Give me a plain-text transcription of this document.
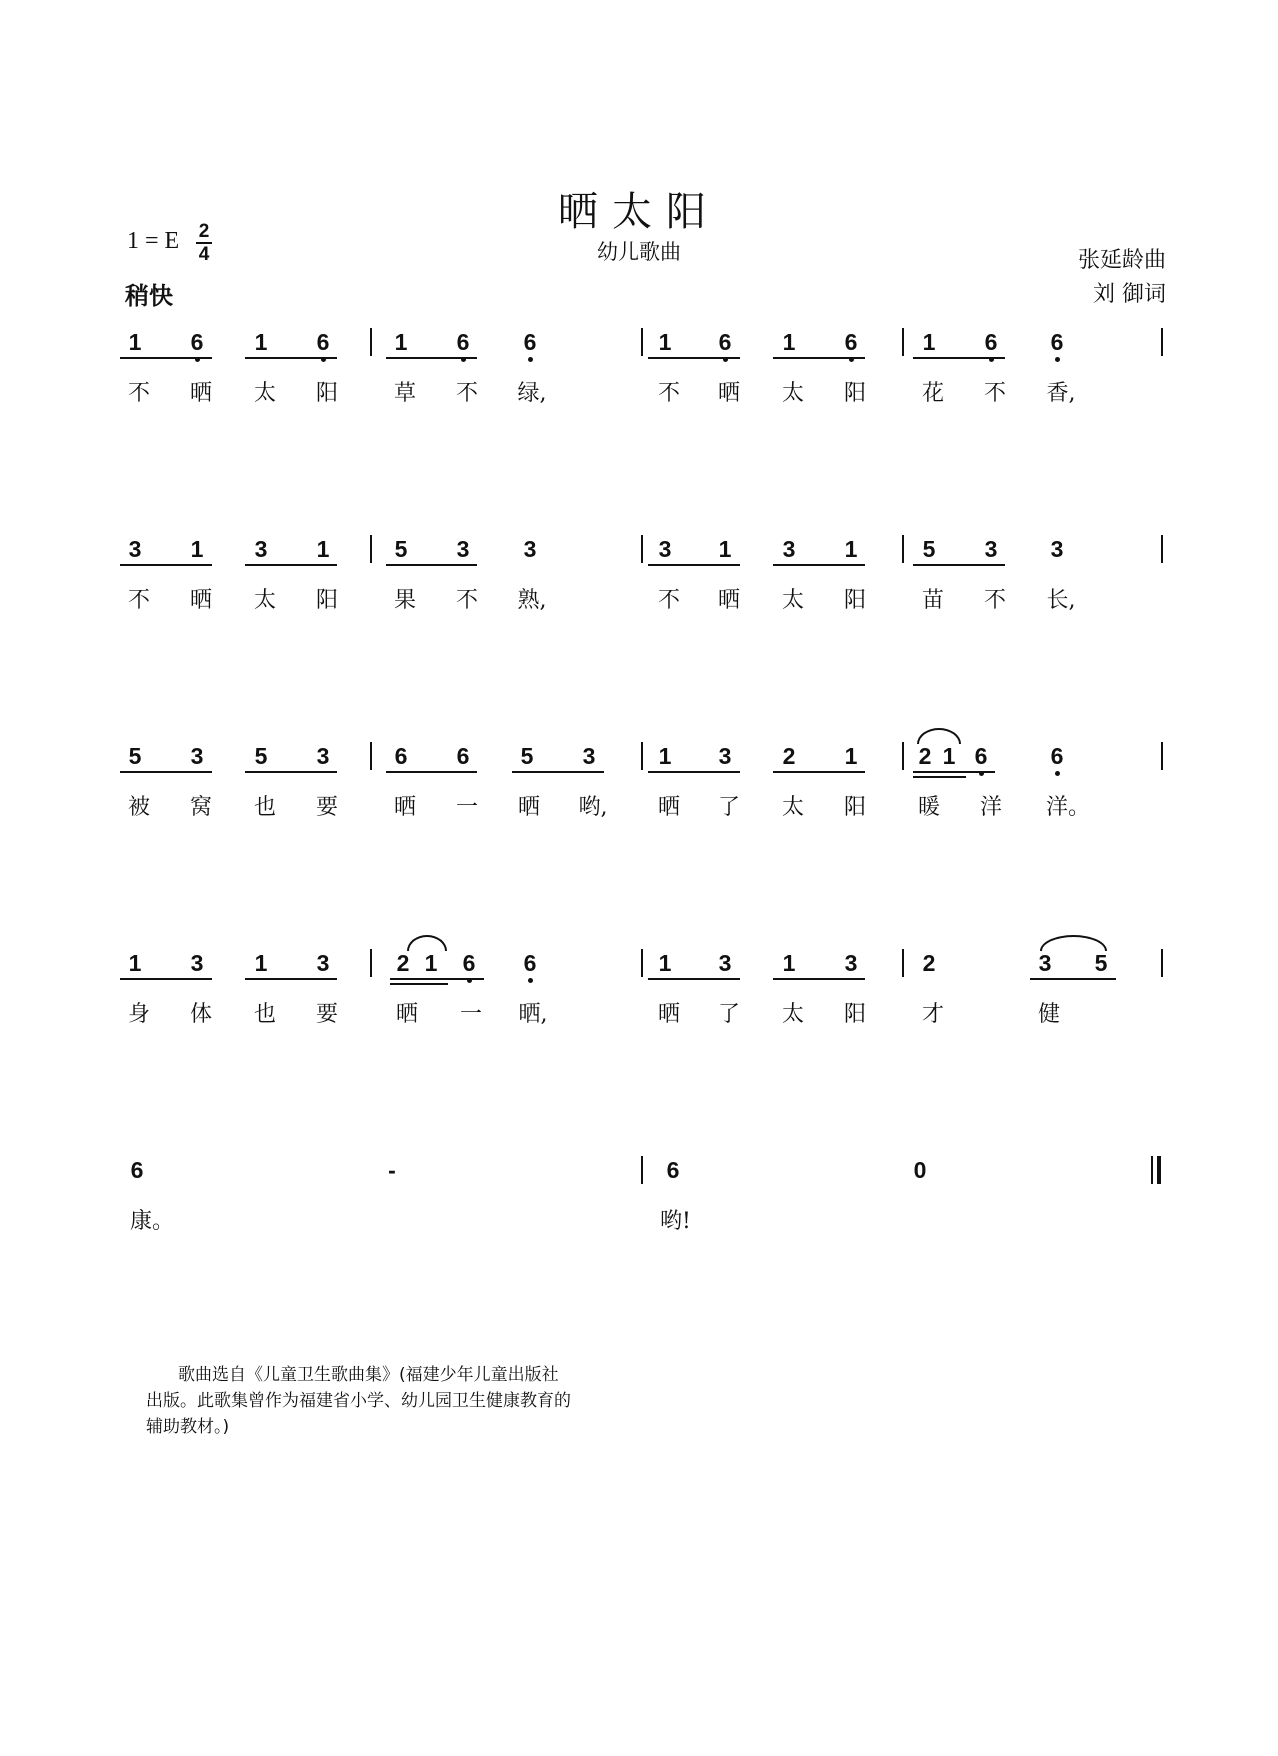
晒太阳
幼儿歌曲
1 = E 2
4
稍快
张延龄曲
刘 御词
1 6 1 6	1 6 6	1 6 1 6	1 6 6
不 晒 太 阳	草 不 绿,	不 晒 太 阳	花 不 香,
3 1 3 1	5 3 3	3 1 3 1	5 3 3
不 晒 太 阳	果 不 熟,	不 晒 太 阳	苗 不 长,
5 3 5 3	6 6 5 3	1 3 2 1	2 1 6	6
被 窝 也 要	晒 一 晒 哟, 晒 了 太 阳 暖 洋 洋。
1 3 1 3	2 1 6 6	1 3 1 3	2	3 5
身 体 也 要	晒 一 晒,	晒 了 太 阳	才	健
6	-	6	0
康。	哟!
歌曲选自《儿童卫生歌曲集》(福建少年儿童出版社
出版。此歌集曾作为福建省小学、幼儿园卫生健康教育的
辅助教材。)
